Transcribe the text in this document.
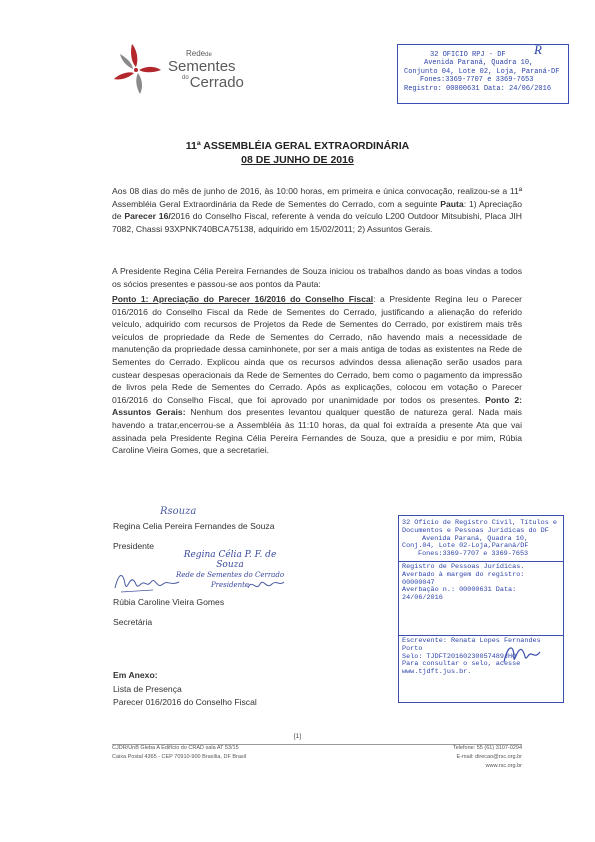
Redede
Sementes
$^{do}$Cerrado
32 OFICIO RPJ - DF
Avenida Paraná, Quadra 10,
Conjunto 04, Lote 02, Loja, Paraná-DF
Fones:3369-7707 e 3369-7653
Registro: 00000631 Data: 24/06/2016
R
11ª ASSEMBLÉIA GERAL EXTRAORDINÁRIA
08 DE JUNHO DE 2016
Aos 08 dias do mês de junho de 2016, às 10:00 horas, em primeira e única convocação, realizou-se a 11ª Assembléia Geral Extraordinária da Rede de Sementes do Cerrado, com a seguinte Pauta: 1) Apreciação de Parecer 16/2016 do Conselho Fiscal, referente à venda do veículo L200 Outdoor Mitsubishi, Placa JIH 7082, Chassi 93XPNK740BCA75138, adquirido em 15/02/2011; 2) Assuntos Gerais.
A Presidente Regina Célia Pereira Fernandes de Souza iniciou os trabalhos dando as boas vindas a todos os sócios presentes e passou-se aos pontos da Pauta:
Ponto 1: Apreciação do Parecer 16/2016 do Conselho Fiscal: a Presidente Regina leu o Parecer 016/2016 do Conselho Fiscal da Rede de Sementes do Cerrado, justificando a alienação do referido veículo, adquirido com recursos de Projetos da Rede de Sementes do Cerrado, por existirem mais três veículos de propriedade da Rede de Sementes do Cerrado, não havendo mais a necessidade de manutenção da propriedade dessa caminhonete, por ser a mais antiga de todas as existentes na Rede de Sementes do Cerrado. Explicou ainda que os recursos advindos dessa alienação serão usados para custear despesas operacionais da Rede de Sementes do Cerrado, bem como o pagamento da impressão de livros pela Rede de Sementes do Cerrado. Após as explicações, colocou em votação o Parecer 016/2016 do Conselho Fiscal, que foi aprovado por unanimidade por todos os presentes. Ponto 2: Assuntos Gerais: Nenhum dos presentes levantou qualquer questão de natureza geral. Nada mais havendo a tratar,encerrou-se a Assembléia às 11:10 horas, da qual foi extraída a presente Ata que vai assinada pela Presidente Regina Célia Pereira Fernandes de Souza, que a presidiu e por mim, Rúbia Caroline Vieira Gomes, que a secretariei.
Rsouza
Regina Celia Pereira Fernandes de Souza
Presidente
Regina Célia P. F. de Souza
Rede de Sementes do Cerrado
Presidente
Rúbia Caroline Vieira Gomes
Secretária
32 Ofício de Registro Civil, Títulos e
Documentos e Pessoas Jurídicas do DF
Avenida Paraná, Quadra 10,
Conj.04, Lote 02-Loja,Paraná/DF
Fones:3369-7707 e 3369-7653
Registro de Pessoas Jurídicas.
Averbado à margem do registro:
00000047
Averbação n.: 00000631 Data:
24/06/2016
Escrevente: Renata Lopes Fernandes
Porto
Selo: TJDFT20160230057489JHO
Para consultar o selo, acesse
www.tjdft.jus.br.
Em Anexo:
Lista de Presença
Parecer 016/2016 do Conselho Fiscal
[1]
CJDR/UnB Gleba A Edifício do CRAD sala AT 53/15
Caixa Postal 4365 - CEP 70910-900 Brasília, DF Brasil
Telefone: 55 (61) 3107-0294
E-mail: direcao@rsc.org.br
www.rsc.org.br
